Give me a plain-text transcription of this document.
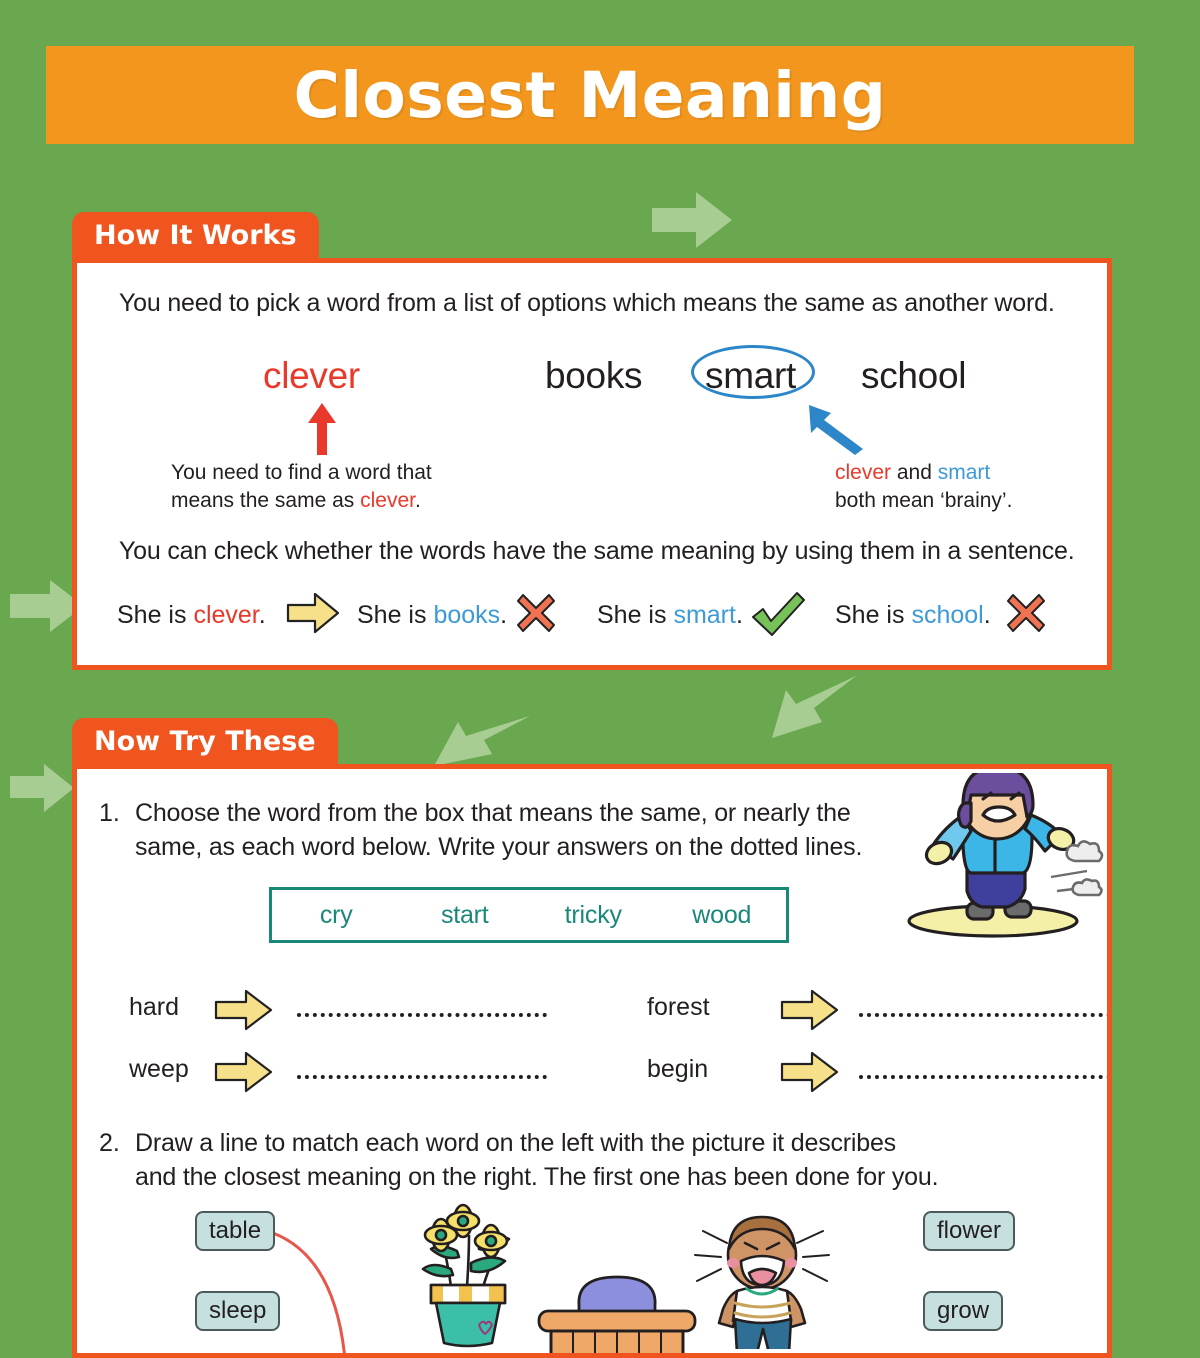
Closest Meaning
How It Works
You need to pick a word from a list of options which means the same as another word.
clever	books smart school
You need to find a word that
means the same as clever.
clever and smart
both mean ‘brainy’.
You can check whether the words have the same meaning by using them in a sentence.
She is clever.	She is books.	She is smart.	She is school.
Now Try These
1. Choose the word from the box that means the same, or nearly the
same, as each word below. Write your answers on the dotted lines.
cry	start	tricky	wood
hard	forest
weep	begin
2. Draw a line to match each word on the left with the picture it describes
and the closest meaning on the right. The first one has been done for you.
table
sleep
flower
grow
